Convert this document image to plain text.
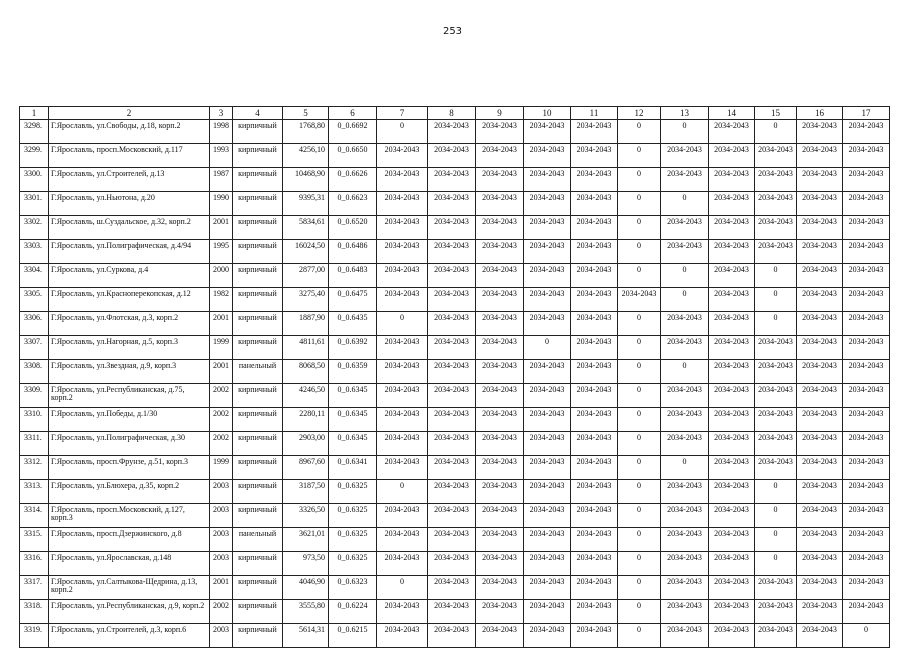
253
1	2	3	4	5	6	7	8	9	10	11	12	13	14	15	16	17
3298.	Г.Ярославль, ул.Свободы, д.18, корп.2	1998	кирпичный	1768,80	0_0.6692	0	2034-2043	2034-2043	2034-2043	2034-2043	0	0	2034-2043	0	2034-2043	2034-2043
3299.	Г.Ярославль, просп.Московский, д.117	1993	кирпичный	4256,10	0_0.6650	2034-2043	2034-2043	2034-2043	2034-2043	2034-2043	0	2034-2043	2034-2043	2034-2043	2034-2043	2034-2043
3300.	Г.Ярославль, ул.Строителей, д.13	1987	кирпичный	10468,90	0_0.6626	2034-2043	2034-2043	2034-2043	2034-2043	2034-2043	0	2034-2043	2034-2043	2034-2043	2034-2043	2034-2043
3301.	Г.Ярославль, ул.Ньютона, д.20	1990	кирпичный	9395,31	0_0.6623	2034-2043	2034-2043	2034-2043	2034-2043	2034-2043	0	0	2034-2043	2034-2043	2034-2043	2034-2043
3302.	Г.Ярославль, ш.Суздальское, д.32, корп.2	2001	кирпичный	5834,61	0_0.6520	2034-2043	2034-2043	2034-2043	2034-2043	2034-2043	0	2034-2043	2034-2043	2034-2043	2034-2043	2034-2043
3303.	Г.Ярославль, ул.Полиграфическая, д.4/94	1995	кирпичный	16024,50	0_0.6486	2034-2043	2034-2043	2034-2043	2034-2043	2034-2043	0	2034-2043	2034-2043	2034-2043	2034-2043	2034-2043
3304.	Г.Ярославль, ул.Суркова, д.4	2000	кирпичный	2877,00	0_0.6483	2034-2043	2034-2043	2034-2043	2034-2043	2034-2043	0	0	2034-2043	0	2034-2043	2034-2043
3305.	Г.Ярославль, ул.Красноперекопская, д.12	1982	кирпичный	3275,40	0_0.6475	2034-2043	2034-2043	2034-2043	2034-2043	2034-2043	2034-2043	0	2034-2043	0	2034-2043	2034-2043
3306.	Г.Ярославль, ул.Флотская, д.3, корп.2	2001	кирпичный	1887,90	0_0.6435	0	2034-2043	2034-2043	2034-2043	2034-2043	0	2034-2043	2034-2043	0	2034-2043	2034-2043
3307.	Г.Ярославль, ул.Нагорная, д.5, корп.3	1999	кирпичный	4811,61	0_0.6392	2034-2043	2034-2043	2034-2043	0	2034-2043	0	2034-2043	2034-2043	2034-2043	2034-2043	2034-2043
3308.	Г.Ярославль, ул.Звездная, д.9, корп.3	2001	панельный	8068,50	0_0.6359	2034-2043	2034-2043	2034-2043	2034-2043	2034-2043	0	0	2034-2043	2034-2043	2034-2043	2034-2043
3309.	Г.Ярославль, ул.Республиканская, д.75, корп.2	2002	кирпичный	4246,50	0_0.6345	2034-2043	2034-2043	2034-2043	2034-2043	2034-2043	0	2034-2043	2034-2043	2034-2043	2034-2043	2034-2043
3310.	Г.Ярославль, ул.Победы, д.1/30	2002	кирпичный	2280,11	0_0.6345	2034-2043	2034-2043	2034-2043	2034-2043	2034-2043	0	2034-2043	2034-2043	2034-2043	2034-2043	2034-2043
3311.	Г.Ярославль, ул.Полиграфическая, д.30	2002	кирпичный	2903,00	0_0.6345	2034-2043	2034-2043	2034-2043	2034-2043	2034-2043	0	2034-2043	2034-2043	2034-2043	2034-2043	2034-2043
3312.	Г.Ярославль, просп.Фрунзе, д.51, корп.3	1999	кирпичный	8967,60	0_0.6341	2034-2043	2034-2043	2034-2043	2034-2043	2034-2043	0	0	2034-2043	2034-2043	2034-2043	2034-2043
3313.	Г.Ярославль, ул.Блюхера, д.35, корп.2	2003	кирпичный	3187,50	0_0.6325	0	2034-2043	2034-2043	2034-2043	2034-2043	0	2034-2043	2034-2043	0	2034-2043	2034-2043
3314.	Г.Ярославль, просп.Московский, д.127, корп.3	2003	кирпичный	3326,50	0_0.6325	2034-2043	2034-2043	2034-2043	2034-2043	2034-2043	0	2034-2043	2034-2043	0	2034-2043	2034-2043
3315.	Г.Ярославль, просп.Дзержинского, д.8	2003	панельный	3621,01	0_0.6325	2034-2043	2034-2043	2034-2043	2034-2043	2034-2043	0	2034-2043	2034-2043	0	2034-2043	2034-2043
3316.	Г.Ярославль, ул.Ярославская, д.148	2003	кирпичный	973,50	0_0.6325	2034-2043	2034-2043	2034-2043	2034-2043	2034-2043	0	2034-2043	2034-2043	0	2034-2043	2034-2043
3317.	Г.Ярославль, ул.Салтыкова-Щедрина, д.13, корп.2	2001	кирпичный	4046,90	0_0.6323	0	2034-2043	2034-2043	2034-2043	2034-2043	0	2034-2043	2034-2043	2034-2043	2034-2043	2034-2043
3318.	Г.Ярославль, ул.Республиканская, д.9, корп.2	2002	кирпичный	3555,80	0_0.6224	2034-2043	2034-2043	2034-2043	2034-2043	2034-2043	0	2034-2043	2034-2043	2034-2043	2034-2043	2034-2043
3319.	Г.Ярославль, ул.Строителей, д.3, корп.6	2003	кирпичный	5614,31	0_0.6215	2034-2043	2034-2043	2034-2043	2034-2043	2034-2043	0	2034-2043	2034-2043	2034-2043	2034-2043	0
